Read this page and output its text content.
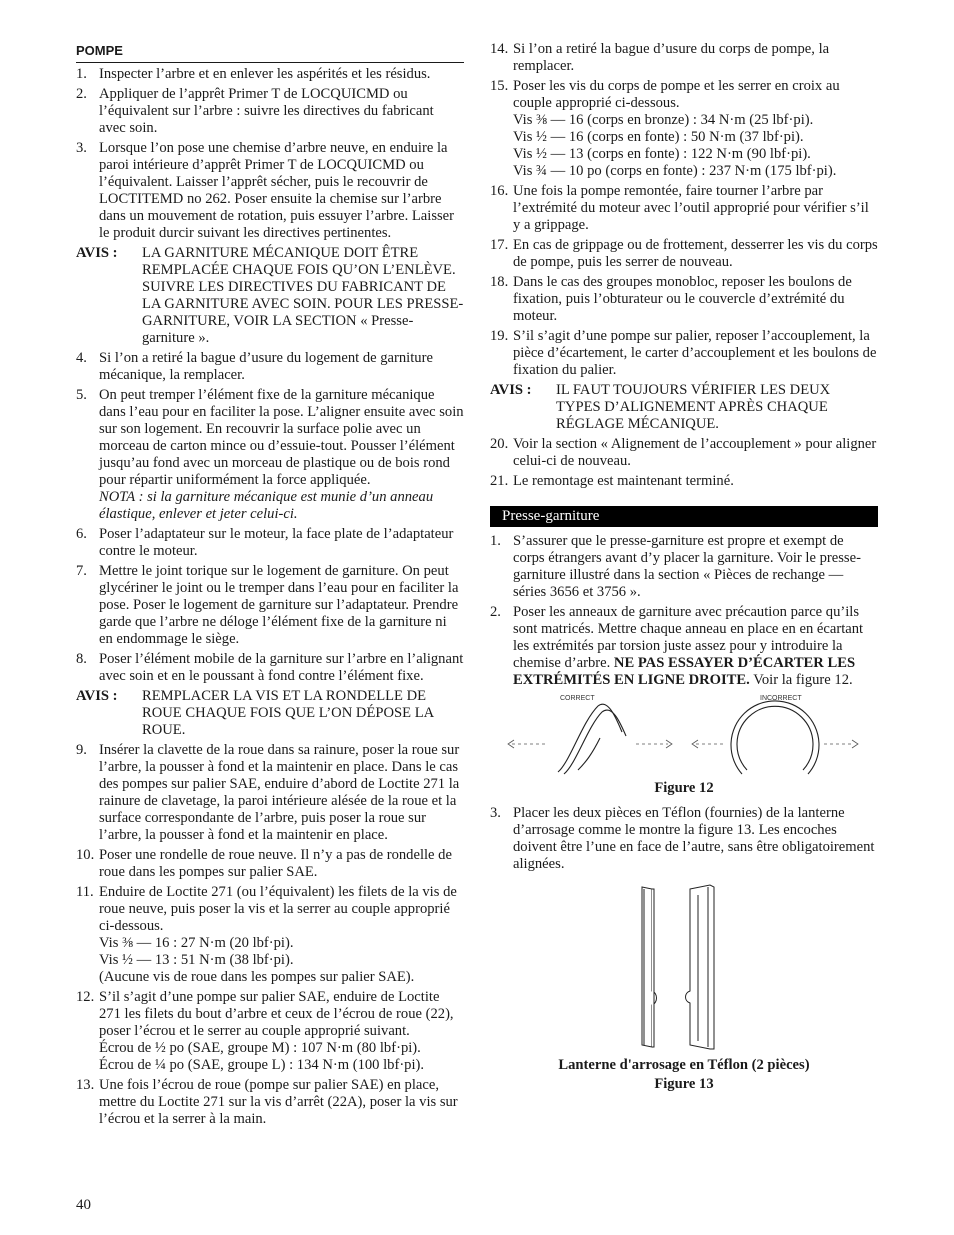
POMPE
1. Inspecter l’arbre et en enlever les aspérités et les résidus.
2. Appliquer de l’apprêt Primer T de LOCQUICMD ou l’équivalent sur l’arbre : suivre les directives du fabricant avec soin.
3. Lorsque l’on pose une chemise d’arbre neuve, en enduire la paroi intérieure d’apprêt Primer T de LOCQUICMD ou l’équivalent. Laisser l’apprêt sécher, puis le recouvrir de LOCTITEMD no 262. Poser ensuite la chemise sur l’arbre dans un mouvement de rotation, puis essuyer l’arbre. Laisser le produit durcir suivant les directives pertinentes.
AVIS : LA GARNITURE MÉCANIQUE DOIT ÊTRE REMPLACÉE CHAQUE FOIS QU’ON L’ENLÈVE. SUIVRE LES DIRECTIVES DU FABRICANT DE LA GARNITURE AVEC SOIN. POUR LES PRESSE-GARNITURE, VOIR LA SECTION « Presse-garniture ».
4. Si l’on a retiré la bague d’usure du logement de garniture mécanique, la remplacer.
5. On peut tremper l’élément fixe de la garniture mécanique dans l’eau pour en faciliter la pose. L’aligner ensuite avec soin sur son logement. En recouvrir la surface polie avec un morceau de carton mince ou d’essuie-tout. Pousser l’élément jusqu’au fond avec un morceau de plastique ou de bois rond pour répartir uniformément la force appliquée.
NOTA : si la garniture mécanique est munie d’un anneau élastique, enlever et jeter celui-ci.
6. Poser l’adaptateur sur le moteur, la face plate de l’adaptateur contre le moteur.
7. Mettre le joint torique sur le logement de garniture. On peut glycériner le joint ou le tremper dans l’eau pour en faciliter la pose. Poser le logement de garniture sur l’adaptateur. Prendre garde que l’arbre ne déloge l’élément fixe de la garniture ni en endommage le siège.
8. Poser l’élément mobile de la garniture sur l’arbre en l’alignant avec soin et en le poussant à fond contre l’élément fixe.
AVIS : REMPLACER LA VIS ET LA RONDELLE DE ROUE CHAQUE FOIS QUE L’ON DÉPOSE LA ROUE.
9. Insérer la clavette de la roue dans sa rainure, poser la roue sur l’arbre, la pousser à fond et la maintenir en place. Dans le cas des pompes sur palier SAE, enduire d’abord de Loctite 271 la rainure de clavetage, la paroi intérieure alésée de la roue et la surface correspondante de l’arbre, puis poser la roue sur l’arbre, la pousser à fond et la maintenir en place.
10. Poser une rondelle de roue neuve. Il n’y a pas de rondelle de roue dans les pompes sur palier SAE.
11. Enduire de Loctite 271 (ou l’équivalent) les filets de la vis de roue neuve, puis poser la vis et la serrer au couple approprié ci-dessous.
Vis ⅜ — 16 : 27 N·m (20 lbf·pi).
Vis ½ — 13 : 51 N·m (38 lbf·pi).
(Aucune vis de roue dans les pompes sur palier SAE).
12. S’il s’agit d’une pompe sur palier SAE, enduire de Loctite 271 les filets du bout d’arbre et ceux de l’écrou de roue (22), poser l’écrou et le serrer au couple approprié suivant.
Écrou de ½ po (SAE, groupe M) : 107 N·m (80 lbf·pi).
Écrou de ¼ po (SAE, groupe L) : 134 N·m (100 lbf·pi).
13. Une fois l’écrou de roue (pompe sur palier SAE) en place, mettre du Loctite 271 sur la vis d’arrêt (22A), poser la vis sur l’écrou et la serrer à la main.
14. Si l’on a retiré la bague d’usure du corps de pompe, la remplacer.
15. Poser les vis du corps de pompe et les serrer en croix au couple approprié ci-dessous.
Vis ⅜ — 16 (corps en bronze) : 34 N·m (25 lbf·pi).
Vis ½ — 16 (corps en fonte) : 50 N·m (37 lbf·pi).
Vis ½ — 13 (corps en fonte) : 122 N·m (90 lbf·pi).
Vis ¾ — 10 po (corps en fonte) : 237 N·m (175 lbf·pi).
16. Une fois la pompe remontée, faire tourner l’arbre par l’extrémité du moteur avec l’outil approprié pour vérifier s’il y a grippage.
17. En cas de grippage ou de frottement, desserrer les vis du corps de pompe, puis les serrer de nouveau.
18. Dans le cas des groupes monobloc, reposer les boulons de fixation, puis l’obturateur ou le couvercle d’extrémité du moteur.
19. S’il s’agit d’une pompe sur palier, reposer l’accouplement, la pièce d’écartement, le carter d’accouplement et les boulons de fixation du palier.
AVIS : IL FAUT TOUJOURS VÉRIFIER LES DEUX TYPES D’ALIGNEMENT APRÈS CHAQUE RÉGLAGE MÉCANIQUE.
20. Voir la section « Alignement de l’accouplement » pour aligner celui-ci de nouveau.
21. Le remontage est maintenant terminé.
Presse-garniture
1. S’assurer que le presse-garniture est propre et exempt de corps étrangers avant d’y placer la garniture. Voir le presse-garniture illustré dans la section « Pièces de rechange — séries 3656 et 3756 ».
2. Poser les anneaux de garniture avec précaution parce qu’ils sont matricés. Mettre chaque anneau en place en en écartant les extrémités par torsion juste assez pour y introduire la chemise d’arbre. NE PAS ESSAYER D’ÉCARTER LES EXTRÉMITÉS EN LIGNE DROITE. Voir la figure 12.
CORRECT	INCORRECT
Figure 12
3. Placer les deux pièces en Téflon (fournies) de la lanterne d’arrosage comme le montre la figure 13. Les encoches doivent être l’une en face de l’autre, sans être obligatoirement alignées.
Lanterne d'arrosage en Téflon (2 pièces)
Figure 13
40
